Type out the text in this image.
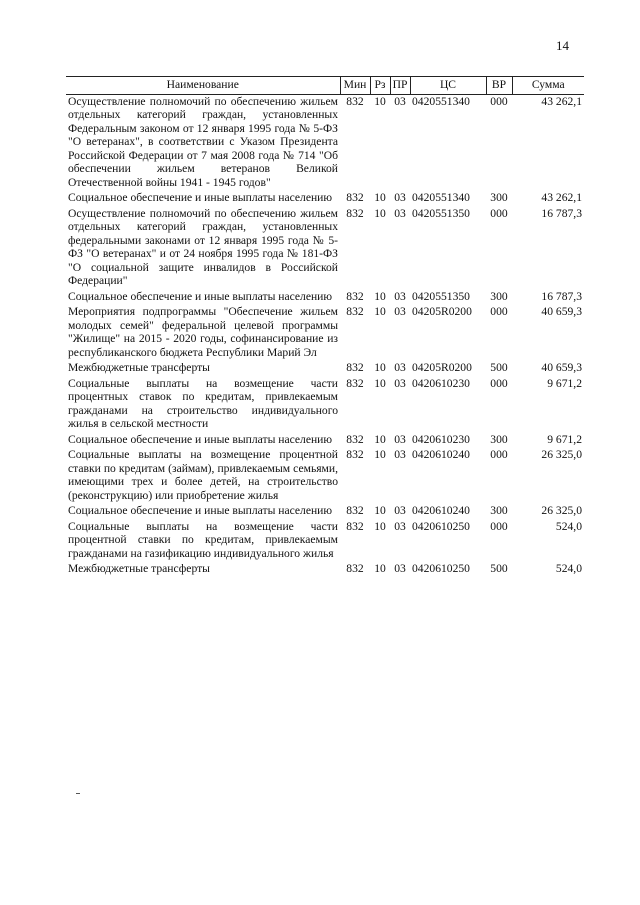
14
Наименование	Мин	Рз	ПР	ЦС	ВР	Сумма
Осуществление полномочий по обеспечению жильем отдельных категорий граждан, установленных Федеральным законом от 12 января 1995 года № 5-ФЗ "О ветеранах", в соответствии с Указом Президента Российской Федерации от 7 мая 2008 года № 714 "Об обеспечении жильем ветеранов Великой Отечественной войны 1941 - 1945 годов"	832	10	03	0420551340	000	43 262,1
Социальное обеспечение и иные выплаты населению	832	10	03	0420551340	300	43 262,1
Осуществление полномочий по обеспечению жильем отдельных категорий граждан, установленных федеральными законами от 12 января 1995 года № 5-ФЗ "О ветеранах" и от 24 ноября 1995 года № 181-ФЗ "О социальной защите инвалидов в Российской Федерации"	832	10	03	0420551350	000	16 787,3
Социальное обеспечение и иные выплаты населению	832	10	03	0420551350	300	16 787,3
Мероприятия подпрограммы "Обеспечение жильем молодых семей" федеральной целевой программы "Жилище" на 2015 - 2020 годы, софинансирование из республиканского бюджета Республики Марий Эл	832	10	03	04205R0200	000	40 659,3
Межбюджетные трансферты	832	10	03	04205R0200	500	40 659,3
Социальные выплаты на возмещение части процентных ставок по кредитам, привлекаемым гражданами на строительство индивидуального жилья в сельской местности	832	10	03	0420610230	000	9 671,2
Социальное обеспечение и иные выплаты населению	832	10	03	0420610230	300	9 671,2
Социальные выплаты на возмещение процентной ставки по кредитам (займам), привлекаемым семьями, имеющими трех и более детей, на строительство (реконструкцию) или приобретение жилья	832	10	03	0420610240	000	26 325,0
Социальное обеспечение и иные выплаты населению	832	10	03	0420610240	300	26 325,0
Социальные выплаты на возмещение части процентной ставки по кредитам, привлекаемым гражданами на газификацию индивидуального жилья	832	10	03	0420610250	000	524,0
Межбюджетные трансферты	832	10	03	0420610250	500	524,0
